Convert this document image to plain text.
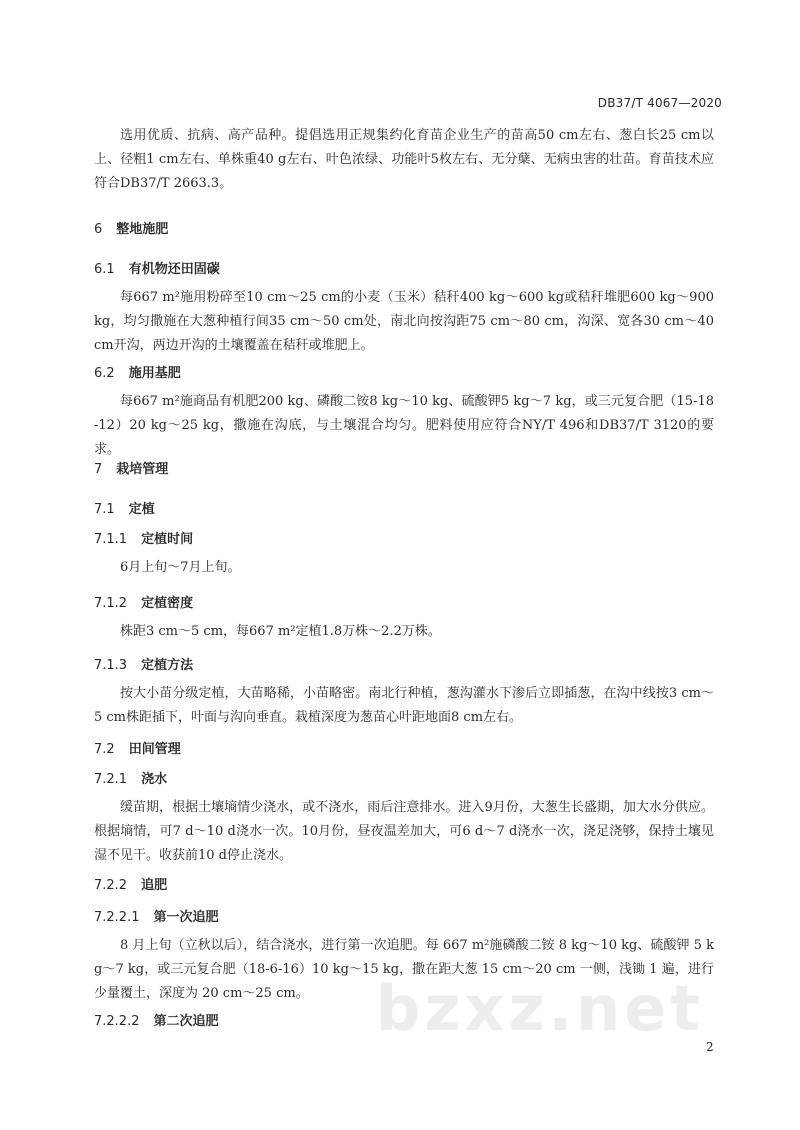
DB37/T 4067—2020
选用优质、抗病、高产品种。提倡选用正规集约化育苗企业生产的苗高50 cm左右、葱白长25 cm以上、径粗1 cm左右、单株重40 g左右、叶色浓绿、功能叶5枚左右、无分蘖、无病虫害的壮苗。育苗技术应符合DB37/T 2663.3。
6 整地施肥
6.1 有机物还田固碳
每667 m²施用粉碎至10 cm～25 cm的小麦（玉米）秸秆400 kg～600 kg或秸秆堆肥600 kg～900 kg，均匀撒施在大葱种植行间35 cm～50 cm处，南北向按沟距75 cm～80 cm，沟深、宽各30 cm～40 cm开沟，两边开沟的土壤覆盖在秸秆或堆肥上。
6.2 施用基肥
每667 m²施商品有机肥200 kg、磷酸二铵8 kg～10 kg、硫酸钾5 kg～7 kg，或三元复合肥（15-18-12）20 kg～25 kg，撒施在沟底，与土壤混合均匀。肥料使用应符合NY/T 496和DB37/T 3120的要求。
7 栽培管理
7.1 定植
7.1.1 定植时间
6月上旬～7月上旬。
7.1.2 定植密度
株距3 cm～5 cm，每667 m²定植1.8万株～2.2万株。
7.1.3 定植方法
按大小苗分级定植，大苗略稀，小苗略密。南北行种植，葱沟灌水下渗后立即插葱，在沟中线按3 cm～5 cm株距插下，叶面与沟向垂直。栽植深度为葱苗心叶距地面8 cm左右。
7.2 田间管理
7.2.1 浇水
缓苗期，根据土壤墒情少浇水，或不浇水，雨后注意排水。进入9月份，大葱生长盛期，加大水分供应。根据墒情，可7 d～10 d浇水一次。10月份，昼夜温差加大，可6 d～7 d浇水一次，浇足浇够，保持土壤见湿不见干。收获前10 d停止浇水。
7.2.2 追肥
7.2.2.1 第一次追肥
8 月上旬（立秋以后），结合浇水，进行第一次追肥。每 667 m²施磷酸二铵 8 kg～10 kg、硫酸钾 5 kg～7 kg，或三元复合肥（18-6-16）10 kg～15 kg，撒在距大葱 15 cm～20 cm 一侧，浅锄 1 遍，进行少量覆土，深度为 20 cm～25 cm。	bzxz.net
7.2.2.2 第二次追肥
2
